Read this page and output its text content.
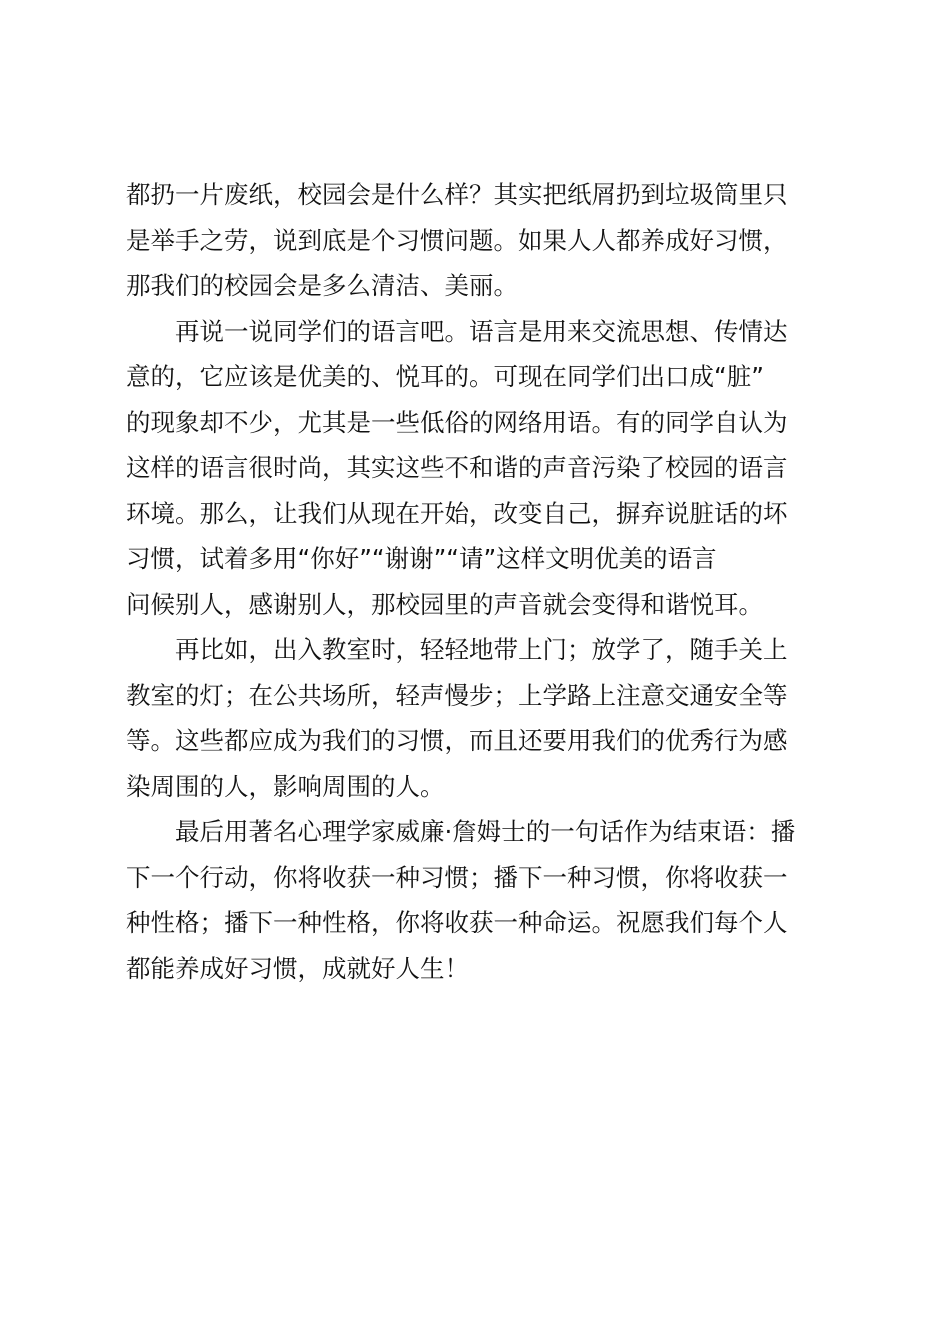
都扔一片废纸，校园会是什么样？其实把纸屑扔到垃圾筒里只
是举手之劳，说到底是个习惯问题。如果人人都养成好习惯，
那我们的校园会是多么清洁、美丽。
再说一说同学们的语言吧。语言是用来交流思想、传情达
意的，它应该是优美的、悦耳的。可现在同学们出口成“脏”
的现象却不少，尤其是一些低俗的网络用语。有的同学自认为
这样的语言很时尚，其实这些不和谐的声音污染了校园的语言
环境。那么，让我们从现在开始，改变自己，摒弃说脏话的坏
习惯，试着多用“你好”“谢谢”“请”这样文明优美的语言
问候别人，感谢别人，那校园里的声音就会变得和谐悦耳。
再比如，出入教室时，轻轻地带上门；放学了，随手关上
教室的灯；在公共场所，轻声慢步；上学路上注意交通安全等
等。这些都应成为我们的习惯，而且还要用我们的优秀行为感
染周围的人，影响周围的人。
最后用著名心理学家威廉·詹姆士的一句话作为结束语：播
下一个行动，你将收获一种习惯；播下一种习惯，你将收获一
种性格；播下一种性格，你将收获一种命运。祝愿我们每个人
都能养成好习惯，成就好人生！
